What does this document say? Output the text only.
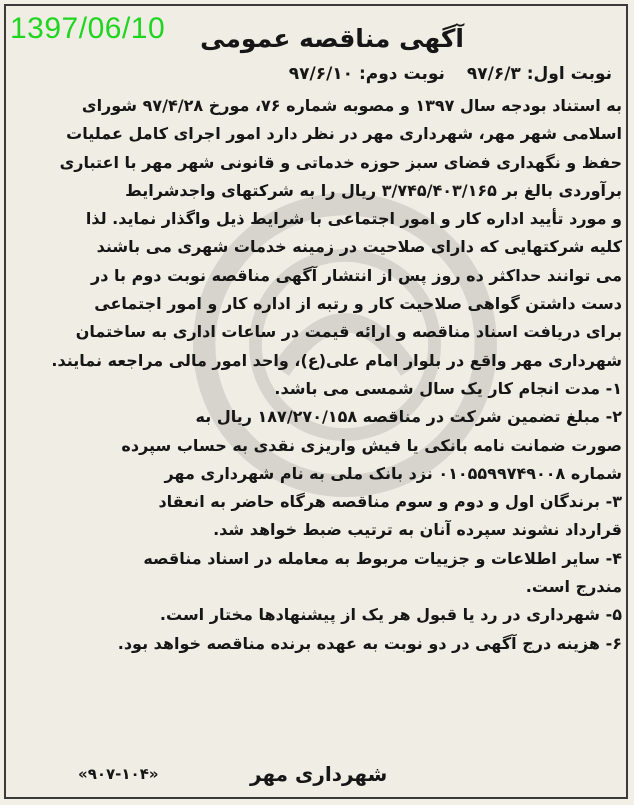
1397/06/10 آگهی مناقصه عمومی
نوبت اول: ۹۷/۶/۳
نوبت دوم: ۹۷/۶/۱۰

به استناد بودجه سال ۱۳۹۷ و مصوبه شماره ۷۶، مورخ ۹۷/۴/۲۸ شورای

اسلامی شهر مهر، شهرداری مهر در نظر دارد امور اجرای کامل عملیات

حفظ و نگهداری فضای سبز حوزه خدماتی و قانونی شهر مهر با اعتباری

برآوردی بالغ بر ۳/۷۴۵/۴۰۳/۱۶۵ ریال را به شرکتهای واجدشرایط

و مورد تأیید اداره کار و امور اجتماعی با شرایط ذیل واگذار نماید. لذا

کلیه شرکتهایی که دارای صلاحیت در زمینه خدمات شهری می باشند

می توانند حداکثر ده روز پس از انتشار آگهی مناقصه نوبت دوم با در

دست داشتن گواهی صلاحیت کار و رتبه از اداره کار و امور اجتماعی

برای دریافت اسناد مناقصه و ارائه قیمت در ساعات اداری به ساختمان

شهرداری مهر واقع در بلوار امام علی(ع)، واحد امور مالی مراجعه نمایند.

۱- مدت انجام کار یک سال شمسی می باشد.

۲- مبلغ تضمین شرکت در مناقصه ۱۸۷/۲۷۰/۱۵۸ ریال به

صورت ضمانت نامه بانکی یا فیش واریزی نقدی به حساب سپرده

شماره ۰۱۰۵۵۹۹۷۴۹۰۰۸ نزد بانک ملی به نام شهرداری مهر

۳- برندگان اول و دوم و سوم مناقصه هرگاه حاضر به انعقاد

قرارداد نشوند سپرده آنان به ترتیب ضبط خواهد شد.

۴- سایر اطلاعات و جزییات مربوط به معامله در اسناد مناقصه

مندرج است.

۵- شهرداری در رد یا قبول هر یک از پیشنهادها مختار است.

۶- هزینه درج آگهی در دو نوبت به عهده برنده مناقصه خواهد بود.

«۹۰۷-۱۰۴»	شهرداری مهر
